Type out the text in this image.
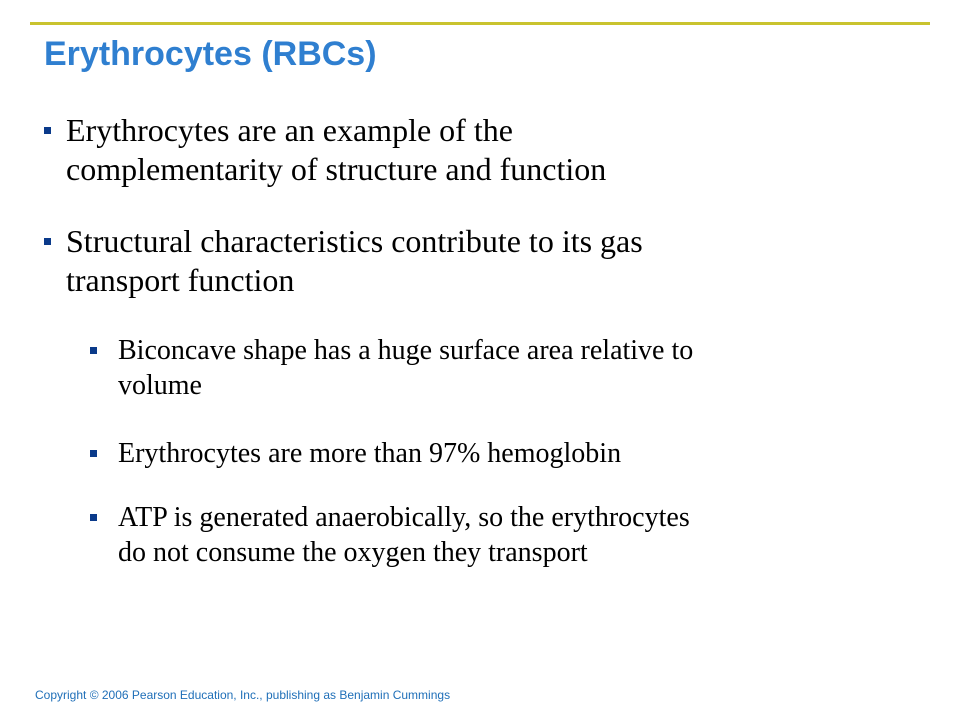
Erythrocytes (RBCs)
Erythrocytes are an example of the
complementarity of structure and function
Structural characteristics contribute to its gas
transport function
Biconcave shape has a huge surface area relative to
volume
Erythrocytes are more than 97% hemoglobin
ATP is generated anaerobically, so the erythrocytes
do not consume the oxygen they transport
Copyright © 2006 Pearson Education, Inc., publishing as Benjamin Cummings
